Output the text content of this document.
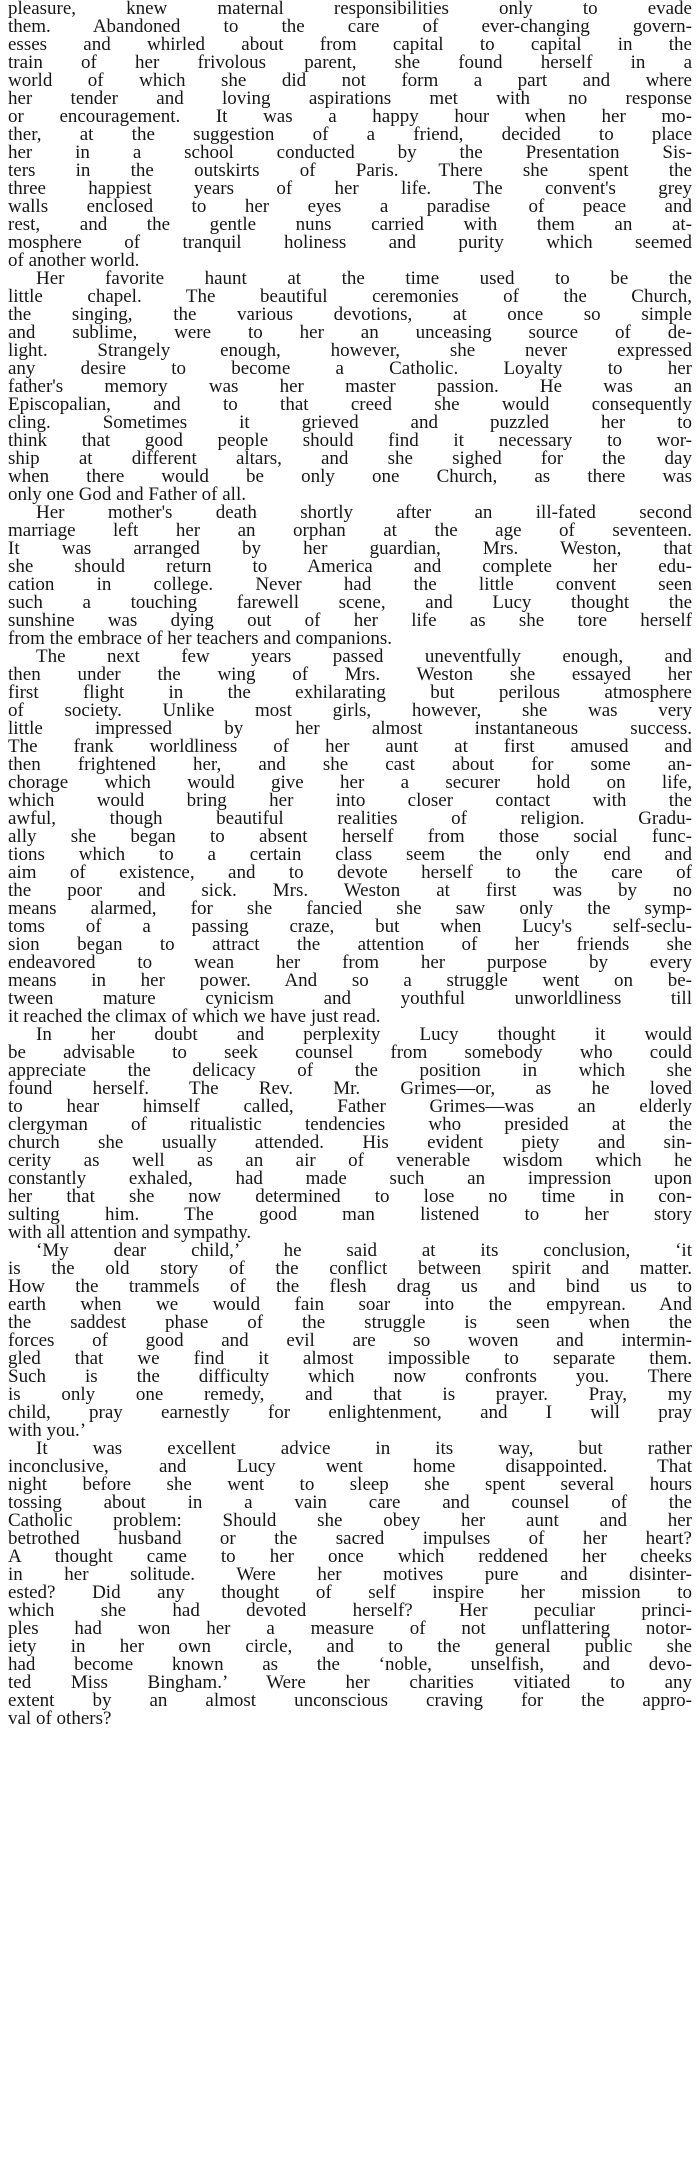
pleasure, knew maternal responsibilities only to evade
them. Abandoned to the care of ever-changing govern-
esses and whirled about from capital to capital in the
train of her frivolous parent, she found herself in a
world of which she did not form a part and where
her tender and loving aspirations met with no response
or encouragement. It was a happy hour when her mo-
ther, at the suggestion of a friend, decided to place
her in a school conducted by the Presentation Sis-
ters in the outskirts of Paris. There she spent the
three happiest years of her life. The convent's grey
walls enclosed to her eyes a paradise of peace and
rest, and the gentle nuns carried with them an at-
mosphere of tranquil holiness and purity which seemed
of another world.
Her favorite haunt at the time used to be the
little chapel. The beautiful ceremonies of the Church,
the singing, the various devotions, at once so simple
and sublime, were to her an unceasing source of de-
light. Strangely enough, however, she never expressed
any desire to become a Catholic. Loyalty to her
father's memory was her master passion. He was an
Episcopalian, and to that creed she would consequently
cling. Sometimes it grieved and puzzled her to
think that good people should find it necessary to wor-
ship at different altars, and she sighed for the day
when there would be only one Church, as there was
only one God and Father of all.
Her mother's death shortly after an ill-fated second
marriage left her an orphan at the age of seventeen.
It was arranged by her guardian, Mrs. Weston, that
she should return to America and complete her edu-
cation in college. Never had the little convent seen
such a touching farewell scene, and Lucy thought the
sunshine was dying out of her life as she tore herself
from the embrace of her teachers and companions.
The next few years passed uneventfully enough, and
then under the wing of Mrs. Weston she essayed her
first flight in the exhilarating but perilous atmosphere
of society. Unlike most girls, however, she was very
little impressed by her almost instantaneous success.
The frank worldliness of her aunt at first amused and
then frightened her, and she cast about for some an-
chorage which would give her a securer hold on life,
which would bring her into closer contact with the
awful, though beautiful realities of religion. Gradu-
ally she began to absent herself from those social func-
tions which to a certain class seem the only end and
aim of existence, and to devote herself to the care of
the poor and sick. Mrs. Weston at first was by no
means alarmed, for she fancied she saw only the symp-
toms of a passing craze, but when Lucy's self-seclu-
sion began to attract the attention of her friends she
endeavored to wean her from her purpose by every
means in her power. And so a struggle went on be-
tween mature cynicism and youthful unworldliness till
it reached the climax of which we have just read.
In her doubt and perplexity Lucy thought it would
be advisable to seek counsel from somebody who could
appreciate the delicacy of the position in which she
found herself. The Rev. Mr. Grimes—or, as he loved
to hear himself called, Father Grimes—was an elderly
clergyman of ritualistic tendencies who presided at the
church she usually attended. His evident piety and sin-
cerity as well as an air of venerable wisdom which he
constantly exhaled, had made such an impression upon
her that she now determined to lose no time in con-
sulting him. The good man listened to her story
with all attention and sympathy.
‘My dear child,’ he said at its conclusion, ‘it
is the old story of the conflict between spirit and matter.
How the trammels of the flesh drag us and bind us to
earth when we would fain soar into the empyrean. And
the saddest phase of the struggle is seen when the
forces of good and evil are so woven and intermin-
gled that we find it almost impossible to separate them.
Such is the difficulty which now confronts you. There
is only one remedy, and that is prayer. Pray, my
child, pray earnestly for enlightenment, and I will pray
with you.’
It was excellent advice in its way, but rather
inconclusive, and Lucy went home disappointed. That
night before she went to sleep she spent several hours
tossing about in a vain care and counsel of the
Catholic problem: Should she obey her aunt and her
betrothed husband or the sacred impulses of her heart?
A thought came to her once which reddened her cheeks
in her solitude. Were her motives pure and disinter-
ested? Did any thought of self inspire her mission to
which she had devoted herself? Her peculiar princi-
ples had won her a measure of not unflattering notor-
iety in her own circle, and to the general public she
had become known as the ‘noble, unselfish, and devo-
ted Miss Bingham.’ Were her charities vitiated to any
extent by an almost unconscious craving for the appro-
val of others?
